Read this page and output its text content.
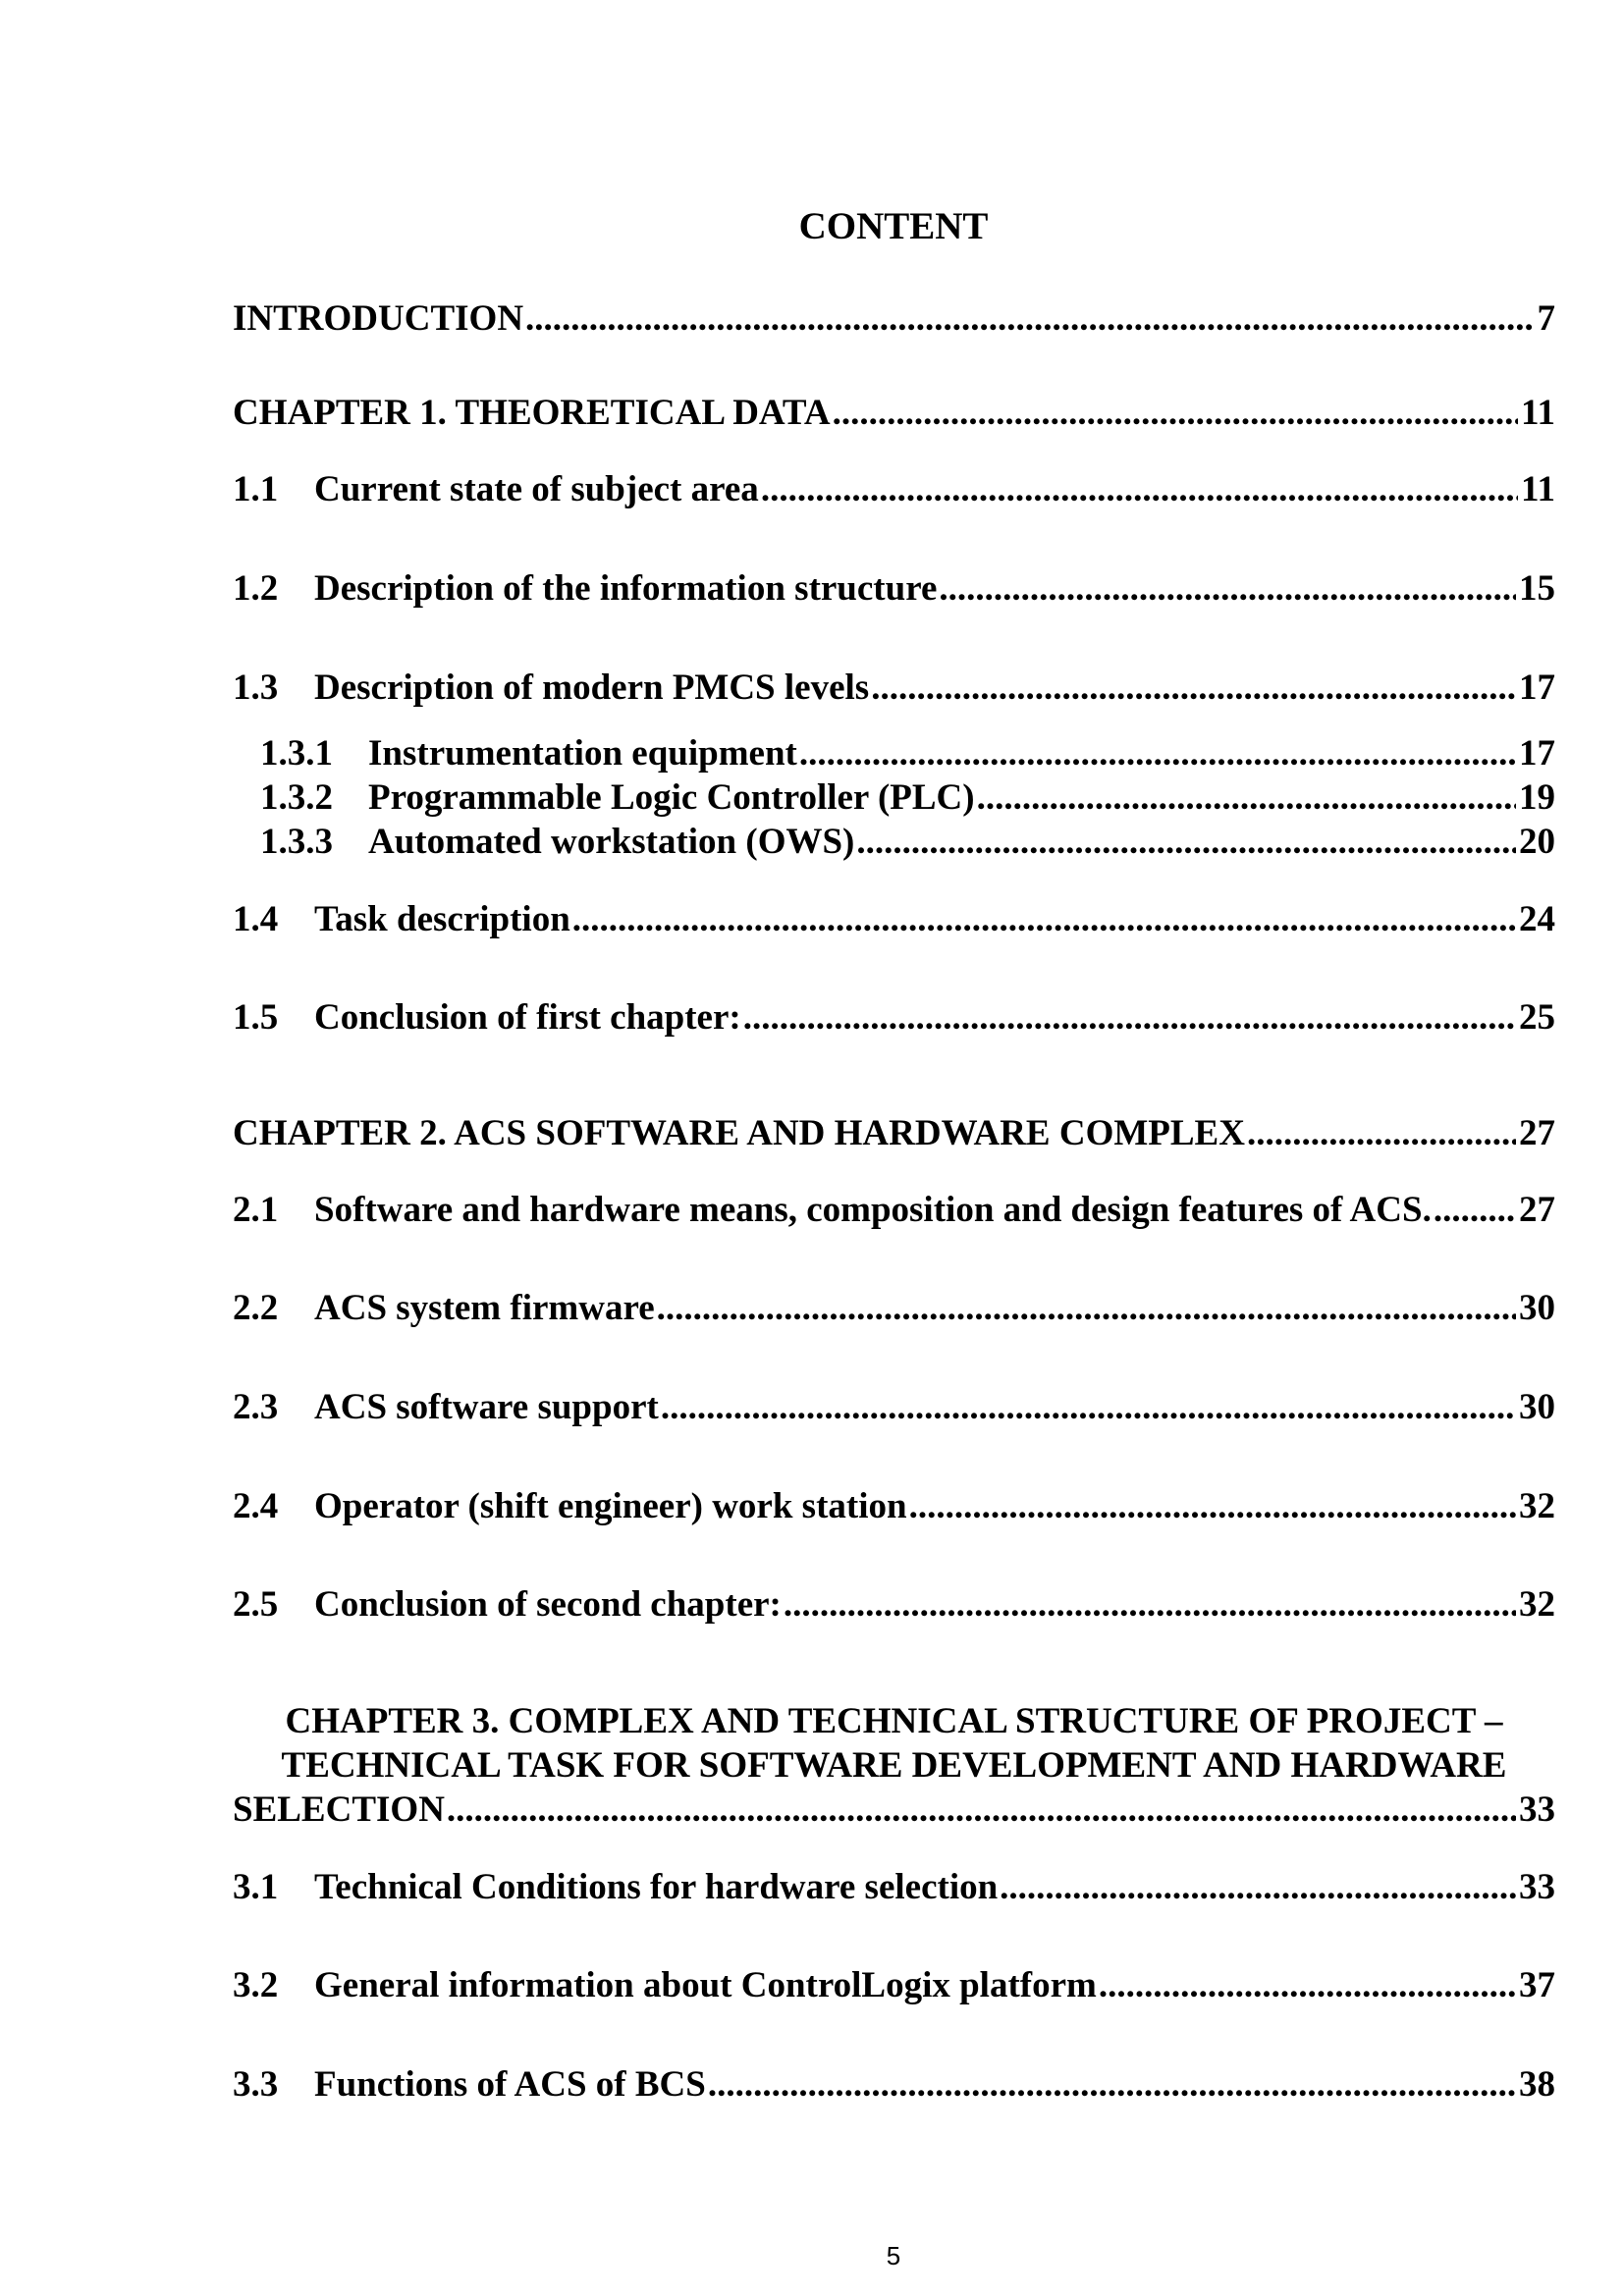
CONTENT
INTRODUCTION .....	7
CHAPTER 1. THEORETICAL DATA .....	11
1.1 Current state of subject area .....	11
1.2 Description of the information structure .....	15
1.3 Description of modern PMCS levels .....	17
1.3.1 Instrumentation equipment .....	17
1.3.2 Programmable Logic Controller (PLC) .....	19
1.3.3 Automated workstation (OWS) .....	20
1.4 Task description .....	24
1.5 Conclusion of first chapter: .....	25
CHAPTER 2. ACS SOFTWARE AND HARDWARE COMPLEX .....	27
2.1 Software and hardware means, composition and design features of ACS. ..... 27
2.2 ACS system firmware .....	30
2.3 ACS software support .....	30
2.4 Operator (shift engineer) work station .....	32
2.5 Conclusion of second chapter: .....	32
CHAPTER 3. COMPLEX AND TECHNICAL STRUCTURE OF PROJECT –
TECHNICAL TASK FOR SOFTWARE DEVELOPMENT AND HARDWARE
SELECTION .....	33
3.1 Technical Conditions for hardware selection .....	33
3.2 General information about ControlLogix platform .....	37
3.3 Functions of ACS of BCS .....	38
5
